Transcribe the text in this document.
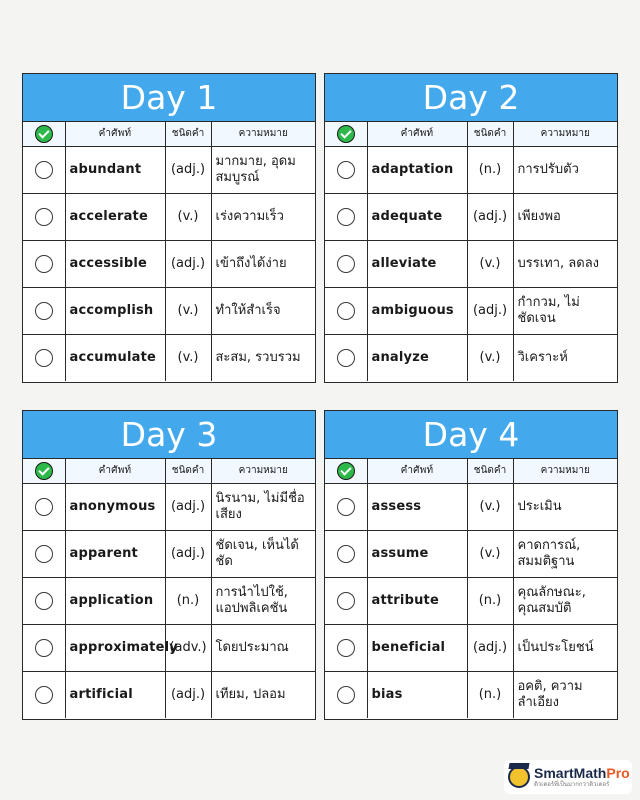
Day 1
	คำศัพท์	ชนิดคำ	ความหมาย
	abundant	(adj.)	มากมาย, อุดมสมบูรณ์
	accelerate	(v.)	เร่งความเร็ว
	accessible	(adj.)	เข้าถึงได้ง่าย
	accomplish	(v.)	ทำให้สำเร็จ
	accumulate	(v.)	สะสม, รวบรวม
Day 2
	คำศัพท์	ชนิดคำ	ความหมาย
	adaptation	(n.)	การปรับตัว
	adequate	(adj.)	เพียงพอ
	alleviate	(v.)	บรรเทา, ลดลง
	ambiguous	(adj.)	กำกวม, ไม่ชัดเจน
	analyze	(v.)	วิเคราะห์
Day 3
	คำศัพท์	ชนิดคำ	ความหมาย
	anonymous	(adj.)	นิรนาม, ไม่มีชื่อเสียง
	apparent	(adj.)	ชัดเจน, เห็นได้ชัด
	application	(n.)	การนำไปใช้, แอปพลิเคชัน
	approximately	(adv.)	โดยประมาณ
	artificial	(adj.)	เทียม, ปลอม
Day 4
	คำศัพท์	ชนิดคำ	ความหมาย
	assess	(v.)	ประเมิน
	assume	(v.)	คาดการณ์, สมมติฐาน
	attribute	(n.)	คุณลักษณะ, คุณสมบัติ
	beneficial	(adj.)	เป็นประโยชน์
	bias	(n.)	อคติ, ความลำเอียง
SmartMathPro
ติวเตอร์ที่เป็นมากกว่าติวเตอร์
